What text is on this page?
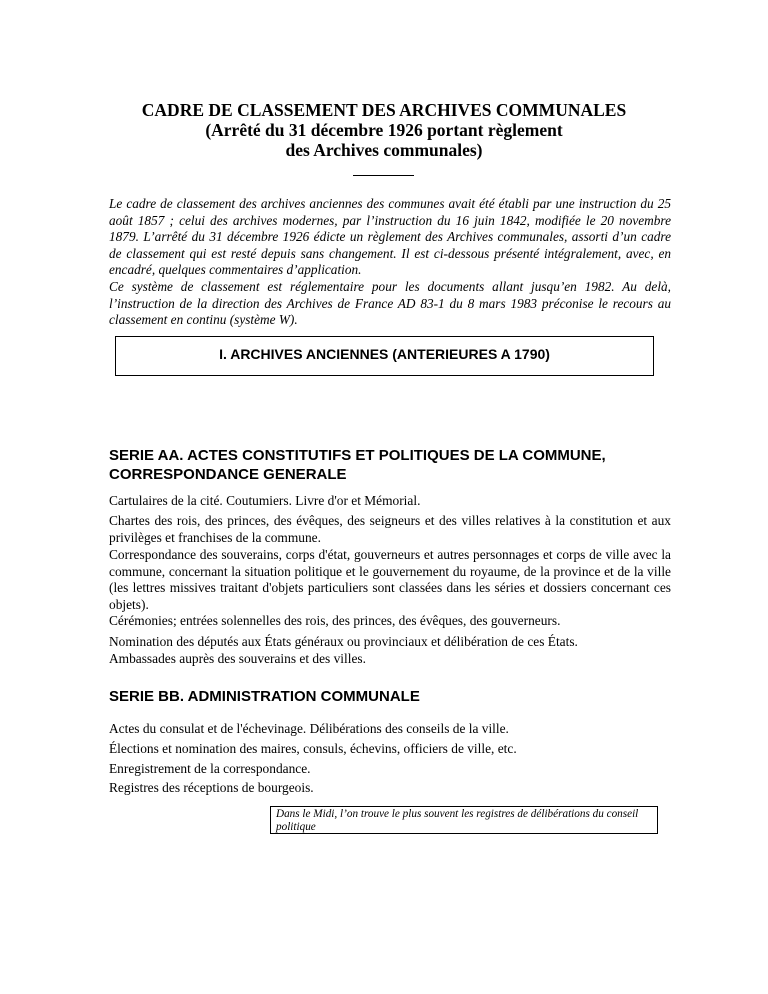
CADRE DE CLASSEMENT DES ARCHIVES COMMUNALES
(Arrêté du 31 décembre 1926 portant règlement
des Archives communales)
Le cadre de classement des archives anciennes des communes avait été établi par une instruction du 25 août 1857 ; celui des archives modernes, par l’instruction du 16 juin 1842, modifiée le 20 novembre 1879. L’arrêté du 31 décembre 1926 édicte un règlement des Archives communales, assorti d’un cadre de classement qui est resté depuis sans changement. Il est ci-dessous présenté intégralement, avec, en encadré, quelques commentaires d’application.
Ce système de classement est réglementaire pour les documents allant jusqu’en 1982. Au delà, l’instruction de la direction des Archives de France AD 83-1 du 8 mars 1983 préconise le recours au classement en continu (système W).
I. ARCHIVES ANCIENNES (ANTERIEURES A 1790)
SERIE AA. ACTES CONSTITUTIFS ET POLITIQUES DE LA COMMUNE, CORRESPONDANCE GENERALE
Cartulaires de la cité. Coutumiers. Livre d'or et Mémorial.
Chartes des rois, des princes, des évêques, des seigneurs et des villes relatives à la constitution et aux privilèges et franchises de la commune.
Correspondance des souverains, corps d'état, gouverneurs et autres personnages et corps de ville avec la commune, concernant la situation politique et le gouvernement du royaume, de la province et de la ville (les lettres missives traitant d'objets particuliers sont classées dans les séries et dossiers concernant ces objets).
Cérémonies; entrées solennelles des rois, des princes, des évêques, des gouverneurs.
Nomination des députés aux États généraux ou provinciaux et délibération de ces États.
Ambassades auprès des souverains et des villes.
SERIE BB. ADMINISTRATION COMMUNALE
Actes du consulat et de l'échevinage. Délibérations des conseils de la ville.
Élections et nomination des maires, consuls, échevins, officiers de ville, etc.
Enregistrement de la correspondance.
Registres des réceptions de bourgeois.
Dans le Midi, l’on trouve le plus souvent les registres de délibérations du conseil politique
